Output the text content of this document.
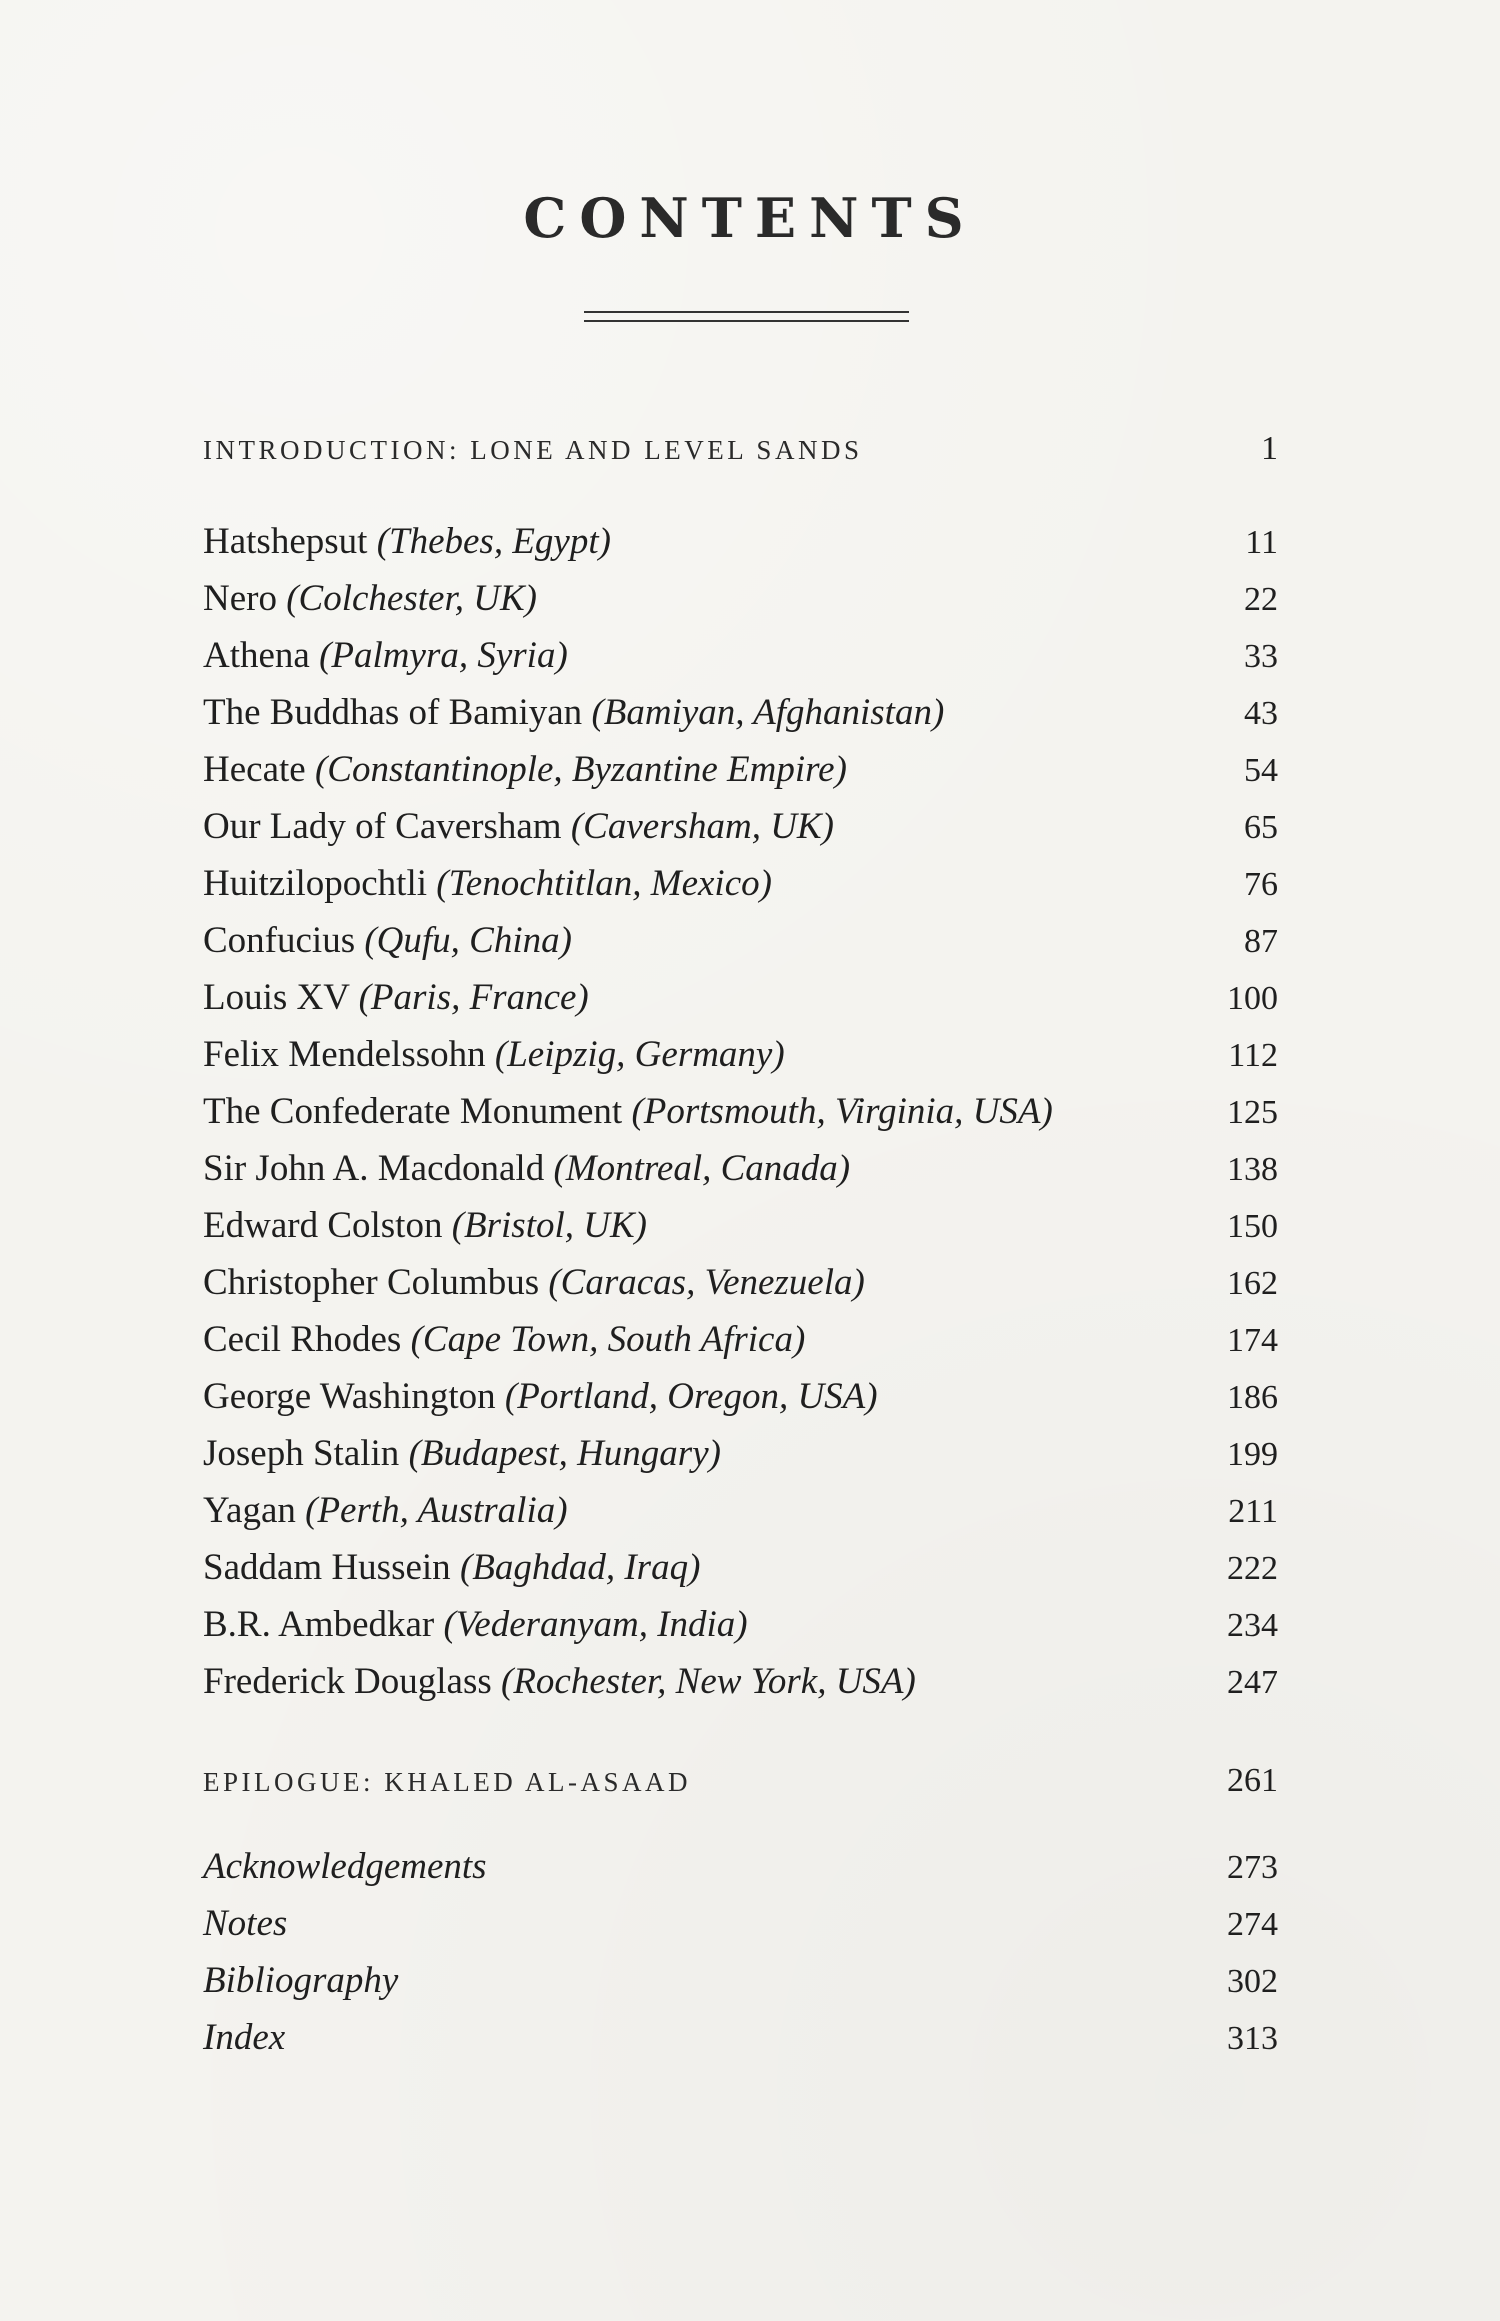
CONTENTS
INTRODUCTION: LONE AND LEVEL SANDS	1
Hatshepsut (Thebes, Egypt)	11
Nero (Colchester, UK)	22
Athena (Palmyra, Syria)	33
The Buddhas of Bamiyan (Bamiyan, Afghanistan)	43
Hecate (Constantinople, Byzantine Empire)	54
Our Lady of Caversham (Caversham, UK)	65
Huitzilopochtli (Tenochtitlan, Mexico)	76
Confucius (Qufu, China)	87
Louis XV (Paris, France)	100
Felix Mendelssohn (Leipzig, Germany)	112
The Confederate Monument (Portsmouth, Virginia, USA)	125
Sir John A. Macdonald (Montreal, Canada)	138
Edward Colston (Bristol, UK)	150
Christopher Columbus (Caracas, Venezuela)	162
Cecil Rhodes (Cape Town, South Africa)	174
George Washington (Portland, Oregon, USA)	186
Joseph Stalin (Budapest, Hungary)	199
Yagan (Perth, Australia)	211
Saddam Hussein (Baghdad, Iraq)	222
B.R. Ambedkar (Vederanyam, India)	234
Frederick Douglass (Rochester, New York, USA)	247
EPILOGUE: KHALED AL-ASAAD	261
Acknowledgements	273
Notes	274
Bibliography	302
Index	313
